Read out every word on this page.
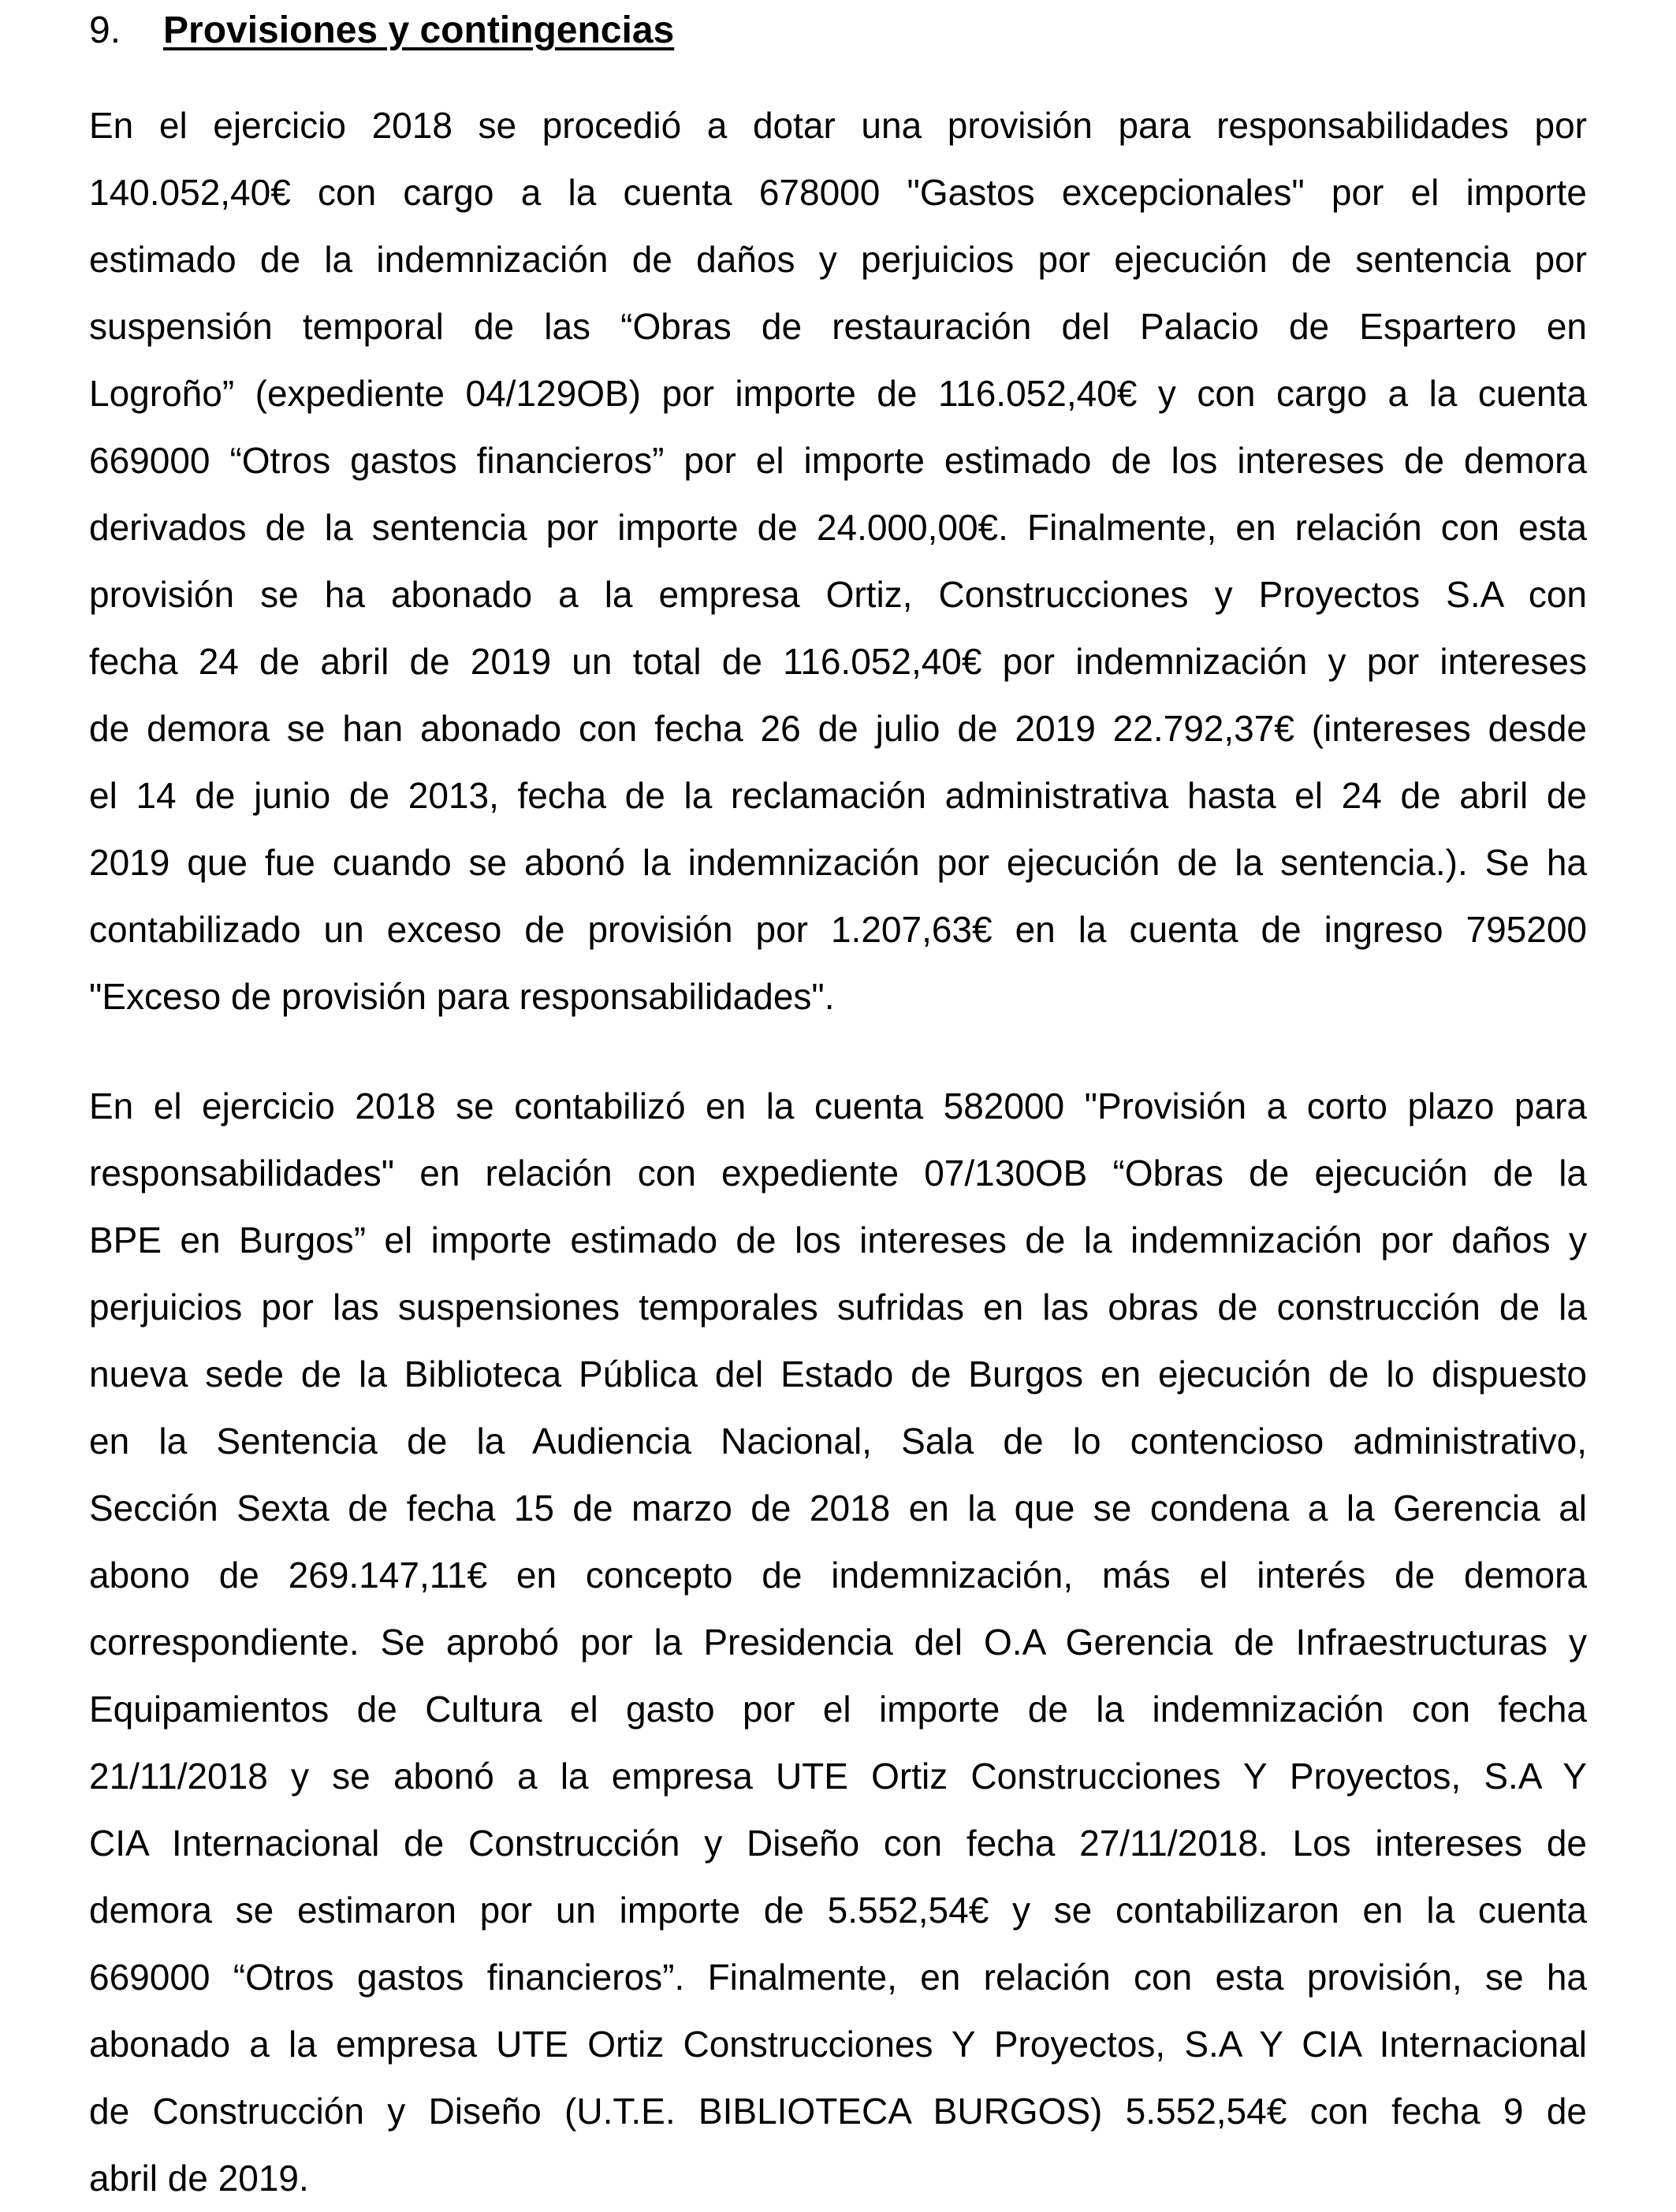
9. Provisiones y contingencias
En el ejercicio 2018 se procedió a dotar una provisión para responsabilidades por
140.052,40€ con cargo a la cuenta 678000 "Gastos excepcionales" por el importe
estimado de la indemnización de daños y perjuicios por ejecución de sentencia por
suspensión temporal de las “Obras de restauración del Palacio de Espartero en
Logroño” (expediente 04/129OB) por importe de 116.052,40€ y con cargo a la cuenta
669000 “Otros gastos financieros” por el importe estimado de los intereses de demora
derivados de la sentencia por importe de 24.000,00€. Finalmente, en relación con esta
provisión se ha abonado a la empresa Ortiz, Construcciones y Proyectos S.A con
fecha 24 de abril de 2019 un total de 116.052,40€ por indemnización y por intereses
de demora se han abonado con fecha 26 de julio de 2019 22.792,37€ (intereses desde
el 14 de junio de 2013, fecha de la reclamación administrativa hasta el 24 de abril de
2019 que fue cuando se abonó la indemnización por ejecución de la sentencia.). Se ha
contabilizado un exceso de provisión por 1.207,63€ en la cuenta de ingreso 795200
"Exceso de provisión para responsabilidades".
En el ejercicio 2018 se contabilizó en la cuenta 582000 "Provisión a corto plazo para
responsabilidades" en relación con expediente 07/130OB “Obras de ejecución de la
BPE en Burgos” el importe estimado de los intereses de la indemnización por daños y
perjuicios por las suspensiones temporales sufridas en las obras de construcción de la
nueva sede de la Biblioteca Pública del Estado de Burgos en ejecución de lo dispuesto
en la Sentencia de la Audiencia Nacional, Sala de lo contencioso administrativo,
Sección Sexta de fecha 15 de marzo de 2018 en la que se condena a la Gerencia al
abono de 269.147,11€ en concepto de indemnización, más el interés de demora
correspondiente. Se aprobó por la Presidencia del O.A Gerencia de Infraestructuras y
Equipamientos de Cultura el gasto por el importe de la indemnización con fecha
21/11/2018 y se abonó a la empresa UTE Ortiz Construcciones Y Proyectos, S.A Y
CIA Internacional de Construcción y Diseño con fecha 27/11/2018. Los intereses de
demora se estimaron por un importe de 5.552,54€ y se contabilizaron en la cuenta
669000 “Otros gastos financieros”. Finalmente, en relación con esta provisión, se ha
abonado a la empresa UTE Ortiz Construcciones Y Proyectos, S.A Y CIA Internacional
de Construcción y Diseño (U.T.E. BIBLIOTECA BURGOS) 5.552,54€ con fecha 9 de
abril de 2019.
